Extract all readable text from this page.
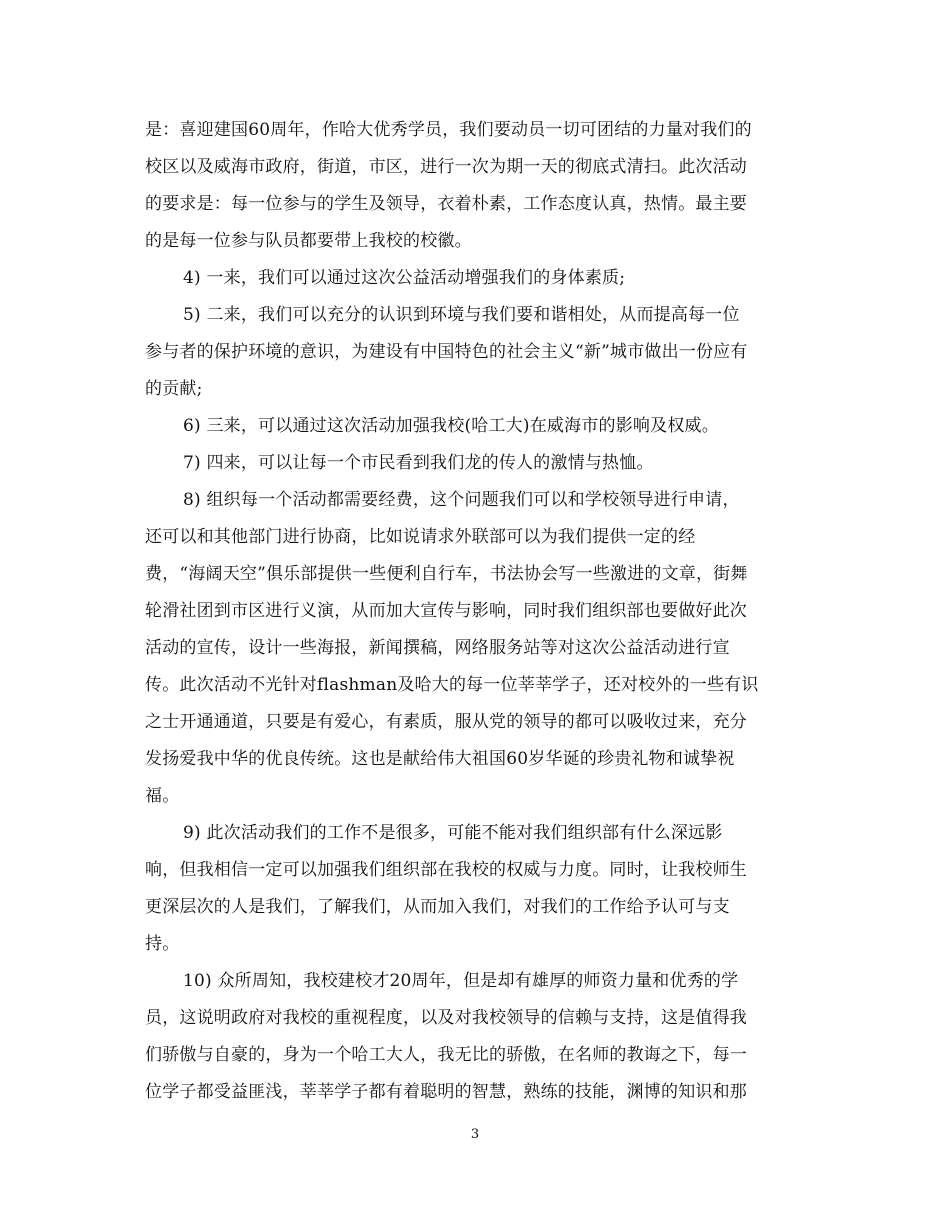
是：喜迎建国60周年，作哈大优秀学员，我们要动员一切可团结的力量对我们的
校区以及威海市政府，街道，市区，进行一次为期一天的彻底式清扫。此次活动
的要求是：每一位参与的学生及领导，衣着朴素，工作态度认真，热情。最主要
的是每一位参与队员都要带上我校的校徽。
4) 一来，我们可以通过这次公益活动增强我们的身体素质;
5) 二来，我们可以充分的认识到环境与我们要和谐相处，从而提高每一位
参与者的保护环境的意识，为建设有中国特色的社会主义“新”城市做出一份应有
的贡献;
6) 三来，可以通过这次活动加强我校(哈工大)在威海市的影响及权威。
7) 四来，可以让每一个市民看到我们龙的传人的激情与热恤。
8) 组织每一个活动都需要经费，这个问题我们可以和学校领导进行申请，
还可以和其他部门进行协商，比如说请求外联部可以为我们提供一定的经
费，“海阔天空”俱乐部提供一些便利自行车，书法协会写一些激进的文章，街舞
轮滑社团到市区进行义演，从而加大宣传与影响，同时我们组织部也要做好此次
活动的宣传，设计一些海报，新闻撰稿，网络服务站等对这次公益活动进行宣
传。此次活动不光针对flashman及哈大的每一位莘莘学子，还对校外的一些有识
之士开通通道，只要是有爱心，有素质，服从党的领导的都可以吸收过来，充分
发扬爱我中华的优良传统。这也是献给伟大祖国60岁华诞的珍贵礼物和诚挚祝
福。
9) 此次活动我们的工作不是很多，可能不能对我们组织部有什么深远影
响，但我相信一定可以加强我们组织部在我校的权威与力度。同时，让我校师生
更深层次的人是我们，了解我们，从而加入我们，对我们的工作给予认可与支
持。
10) 众所周知，我校建校才20周年，但是却有雄厚的师资力量和优秀的学
员，这说明政府对我校的重视程度，以及对我校领导的信赖与支持，这是值得我
们骄傲与自豪的，身为一个哈工大人，我无比的骄傲，在名师的教诲之下，每一
位学子都受益匪浅，莘莘学子都有着聪明的智慧，熟练的技能，渊博的知识和那
3
